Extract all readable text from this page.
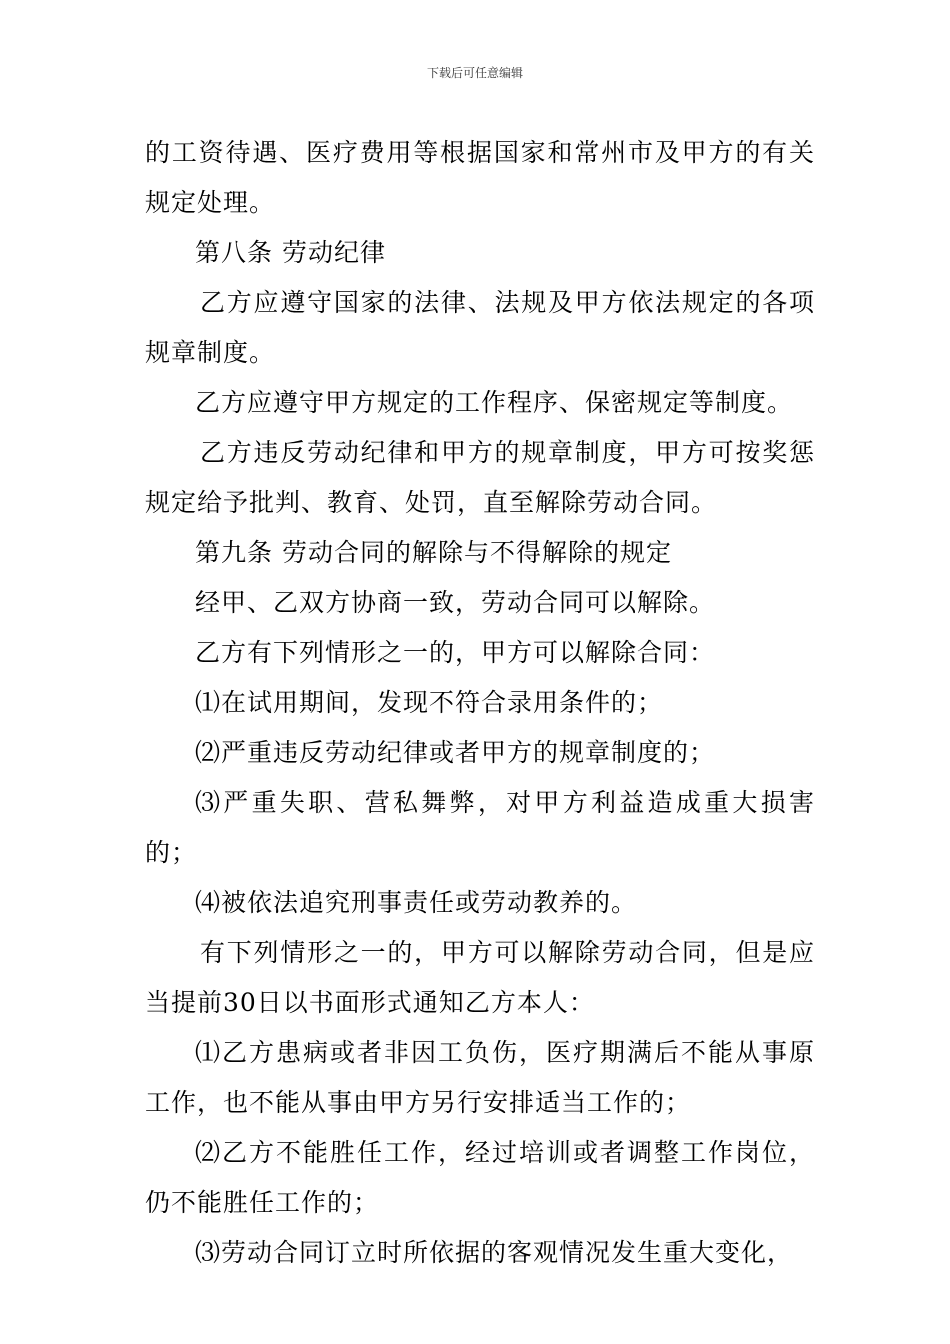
下载后可任意编辑

的工资待遇、医疗费用等根据国家和常州市及甲方的有关规定处理。

第八条 劳动纪律

乙方应遵守国家的法律、法规及甲方依法规定的各项规章制度。

乙方应遵守甲方规定的工作程序、保密规定等制度。

乙方违反劳动纪律和甲方的规章制度，甲方可按奖惩规定给予批判、教育、处罚，直至解除劳动合同。

第九条 劳动合同的解除与不得解除的规定

经甲、乙双方协商一致，劳动合同可以解除。

乙方有下列情形之一的，甲方可以解除合同：

⑴在试用期间，发现不符合录用条件的；

⑵严重违反劳动纪律或者甲方的规章制度的；

⑶严重失职、营私舞弊，对甲方利益造成重大损害的；

⑷被依法追究刑事责任或劳动教养的。

有下列情形之一的，甲方可以解除劳动合同，但是应当提前30日以书面形式通知乙方本人：

⑴乙方患病或者非因工负伤，医疗期满后不能从事原工作，也不能从事由甲方另行安排适当工作的；

⑵乙方不能胜任工作，经过培训或者调整工作岗位，仍不能胜任工作的；

⑶劳动合同订立时所依据的客观情况发生重大变化，
